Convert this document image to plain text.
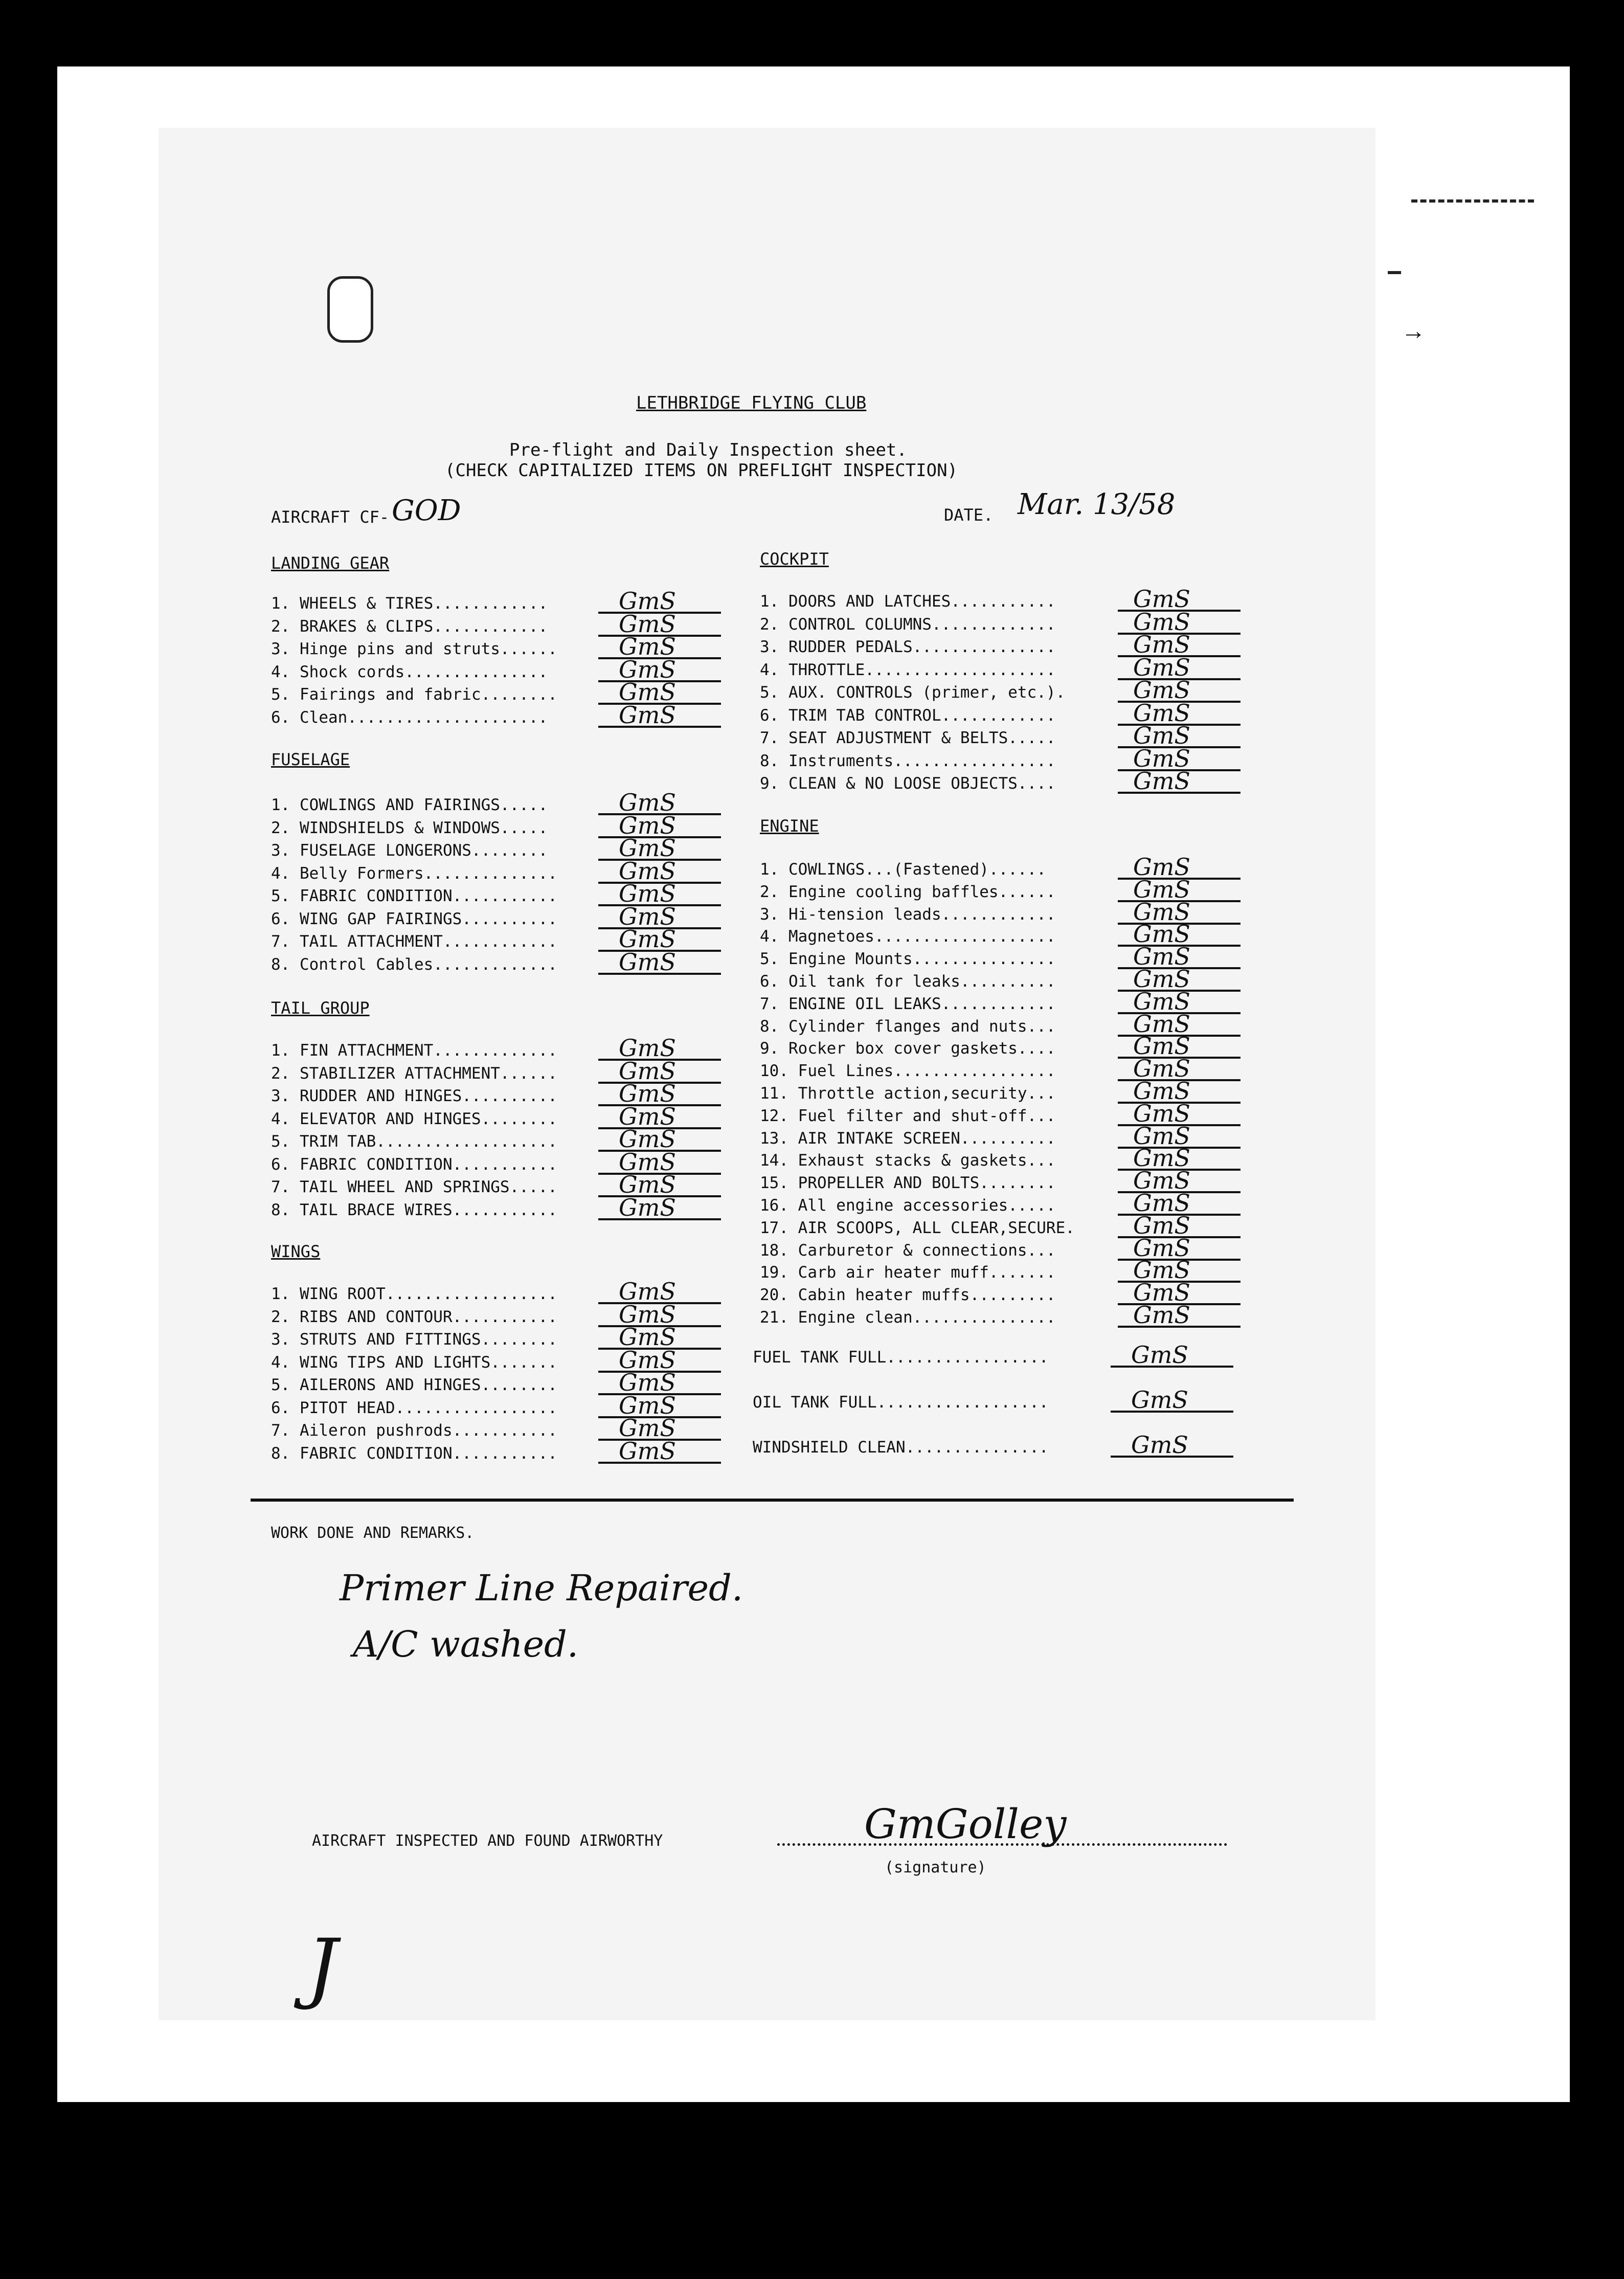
→
LETHBRIDGE FLYING CLUB
Pre-flight and Daily Inspection sheet.
(CHECK CAPITALIZED ITEMS ON PREFLIGHT INSPECTION)
AIRCRAFT CF- GOD	DATE. Mar. 13/58
LANDING GEAR
FUSELAGE
TAIL GROUP
WINGS
COCKPIT
ENGINE
1. WHEELS & TIRES............	GmS
2. BRAKES & CLIPS............	GmS
3. Hinge pins and struts......	GmS
4. Shock cords...............	GmS
5. Fairings and fabric........	GmS
6. Clean.....................	GmS
1. COWLINGS AND FAIRINGS.....	GmS
2. WINDSHIELDS & WINDOWS.....	GmS
3. FUSELAGE LONGERONS........	GmS
4. Belly Formers..............	GmS
5. FABRIC CONDITION...........	GmS
6. WING GAP FAIRINGS..........	GmS
7. TAIL ATTACHMENT............	GmS
8. Control Cables.............	GmS
1. FIN ATTACHMENT.............	GmS
2. STABILIZER ATTACHMENT......	GmS
3. RUDDER AND HINGES..........	GmS
4. ELEVATOR AND HINGES........	GmS
5. TRIM TAB...................	GmS
6. FABRIC CONDITION...........	GmS
7. TAIL WHEEL AND SPRINGS.....	GmS
8. TAIL BRACE WIRES...........	GmS
1. WING ROOT..................	GmS
2. RIBS AND CONTOUR...........	GmS
3. STRUTS AND FITTINGS........	GmS
4. WING TIPS AND LIGHTS.......	GmS
5. AILERONS AND HINGES........	GmS
6. PITOT HEAD.................	GmS
7. Aileron pushrods...........	GmS
8. FABRIC CONDITION...........	GmS
1. DOORS AND LATCHES...........	GmS
2. CONTROL COLUMNS.............	GmS
3. RUDDER PEDALS...............	GmS
4. THROTTLE....................	GmS
5. AUX. CONTROLS (primer, etc.).	GmS
6. TRIM TAB CONTROL............	GmS
7. SEAT ADJUSTMENT & BELTS.....	GmS
8. Instruments.................	GmS
9. CLEAN & NO LOOSE OBJECTS....	GmS
1. COWLINGS...(Fastened)......	GmS
2. Engine cooling baffles......	GmS
3. Hi-tension leads............	GmS
4. Magnetoes...................	GmS
5. Engine Mounts...............	GmS
6. Oil tank for leaks..........	GmS
7. ENGINE OIL LEAKS............	GmS
8. Cylinder flanges and nuts...	GmS
9. Rocker box cover gaskets....	GmS
10. Fuel Lines.................	GmS
11. Throttle action,security...	GmS
12. Fuel filter and shut-off...	GmS
13. AIR INTAKE SCREEN..........	GmS
14. Exhaust stacks & gaskets...	GmS
15. PROPELLER AND BOLTS........	GmS
16. All engine accessories.....	GmS
17. AIR SCOOPS, ALL CLEAR,SECURE. GmS
18. Carburetor & connections...	GmS
19. Carb air heater muff.......	GmS
20. Cabin heater muffs.........	GmS
21. Engine clean...............	GmS
FUEL TANK FULL.................	GmS
OIL TANK FULL..................	GmS
WINDSHIELD CLEAN...............	GmS
WORK DONE AND REMARKS.
Primer Line Repaired.
A/C washed.
AIRCRAFT INSPECTED AND FOUND AIRWORTHY	GmGolley
(signature)
J
